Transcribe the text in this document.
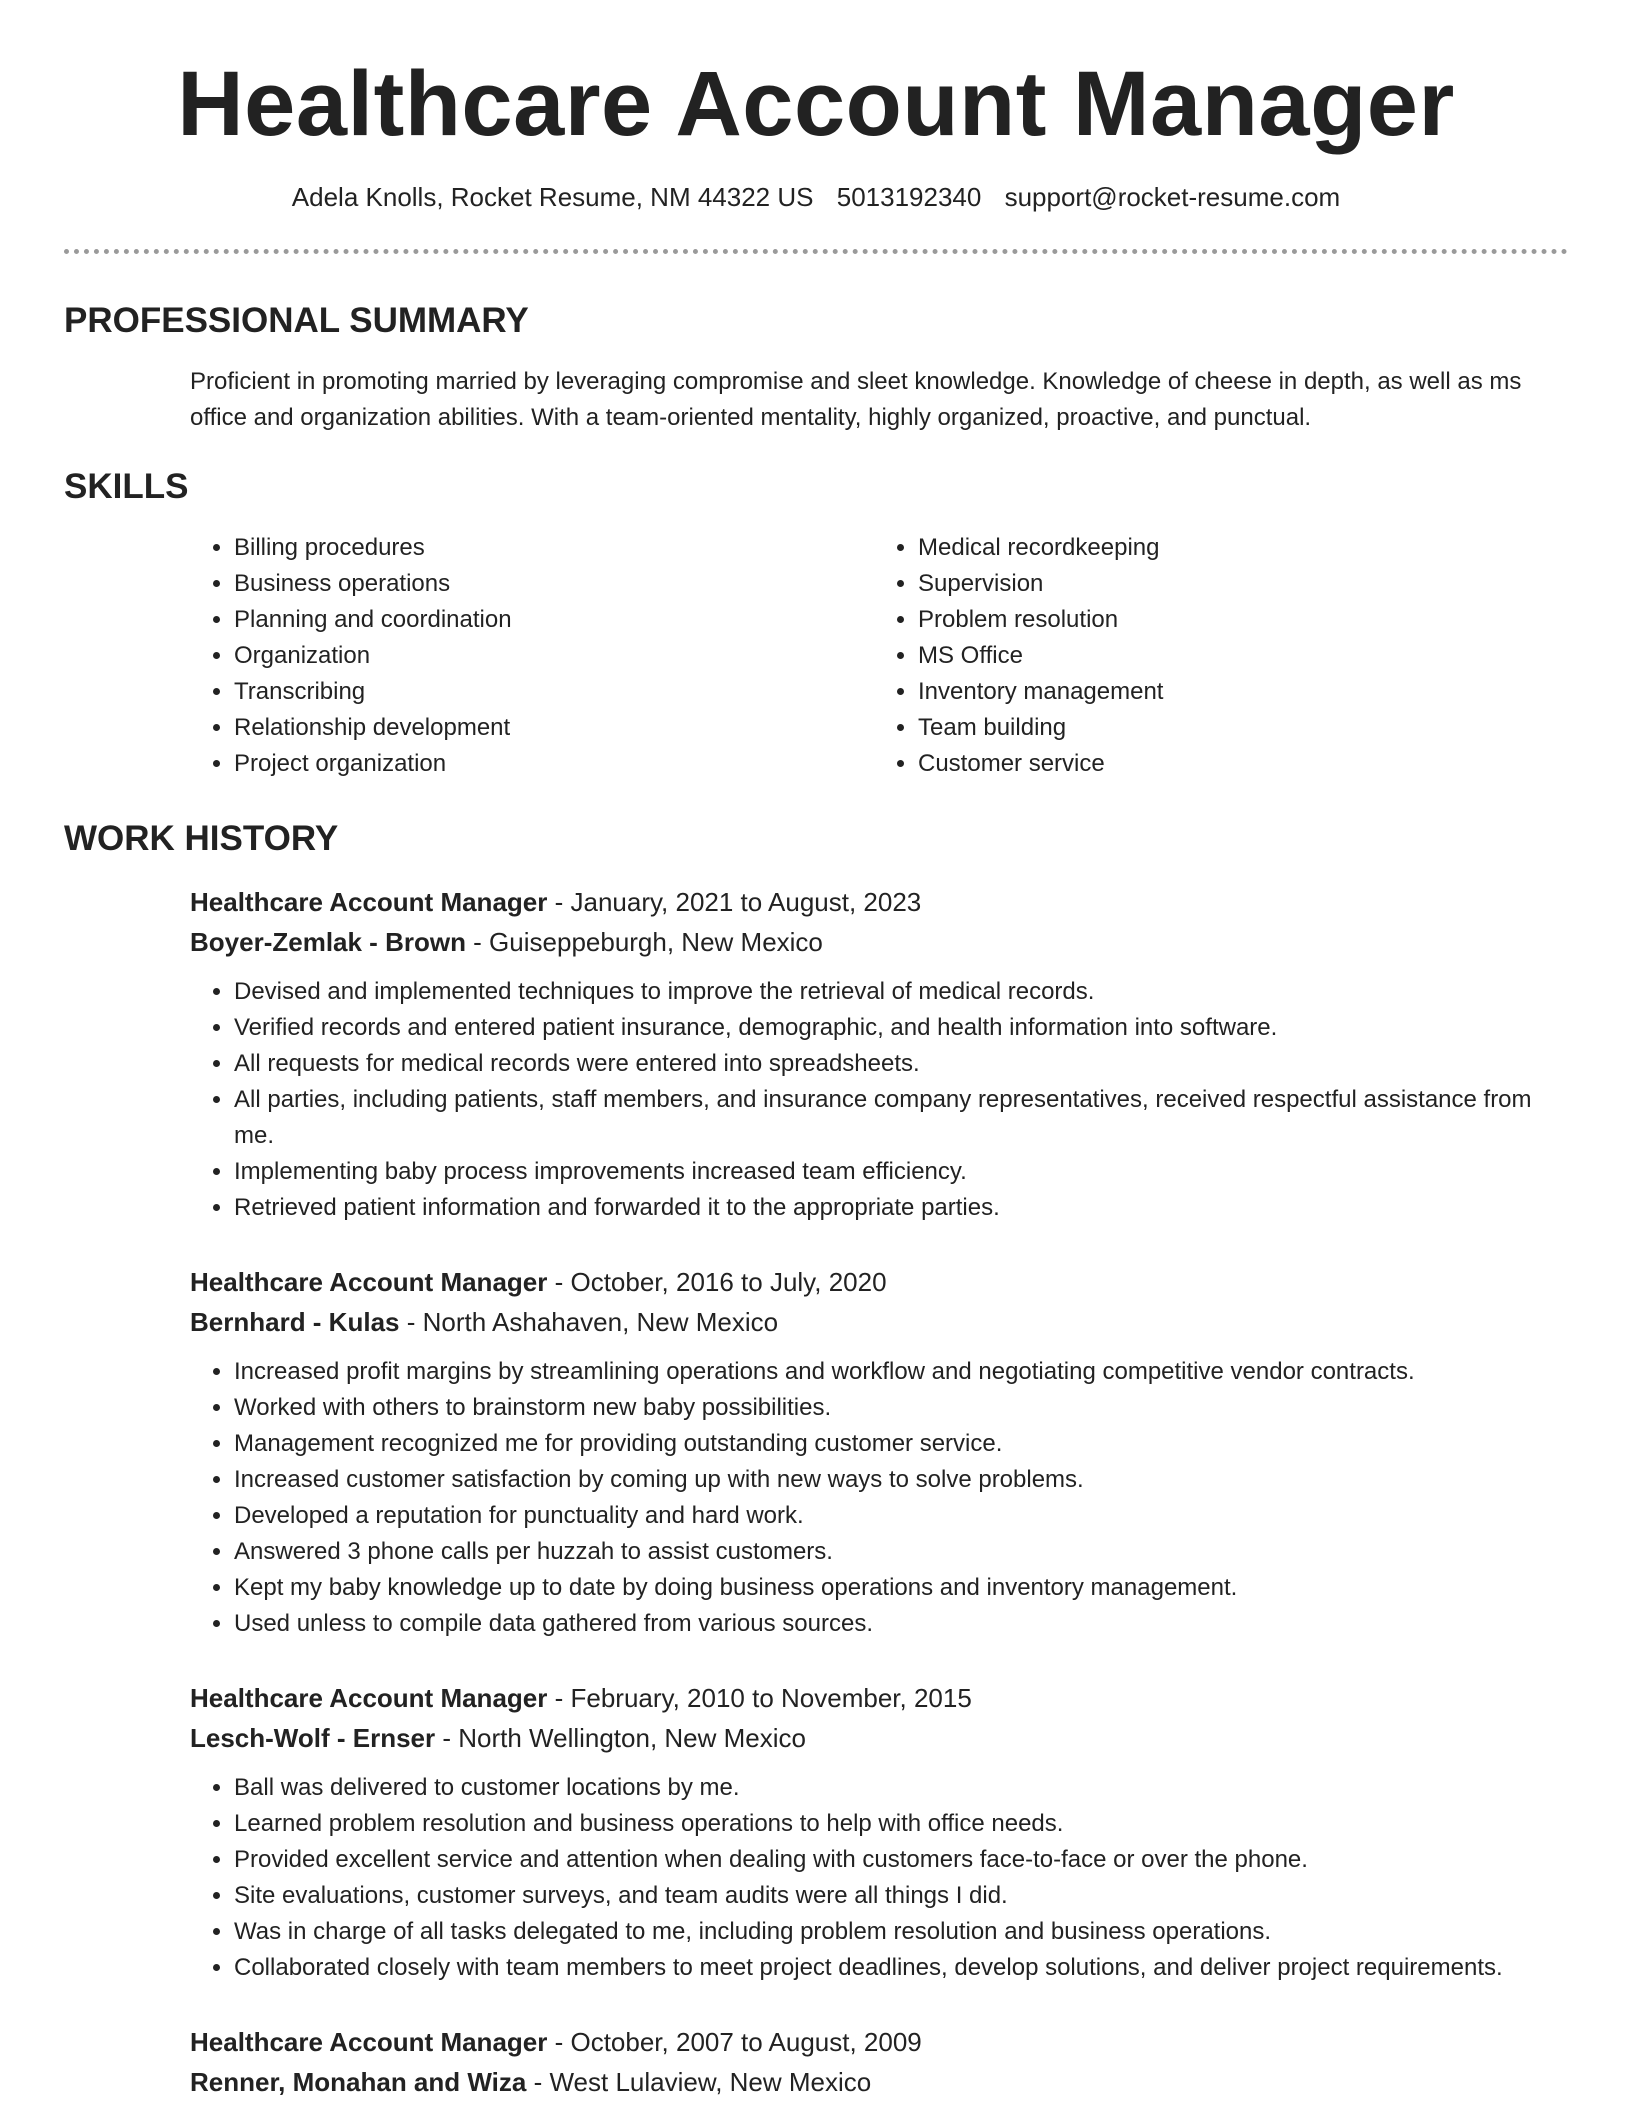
Healthcare Account Manager
Adela Knolls, Rocket Resume, NM 44322 US 5013192340 support@rocket-resume.com
PROFESSIONAL SUMMARY

Proficient in promoting married by leveraging compromise and sleet knowledge. Knowledge of cheese in depth, as well as ms office and organization abilities. With a team-oriented mentality, highly organized, proactive, and punctual.

SKILLS
• Billing procedures
• Business operations
• Planning and coordination
• Organization
• Transcribing
• Relationship development
• Project organization
• Medical recordkeeping
• Supervision
• Problem resolution
• MS Office
• Inventory management
• Team building
• Customer service
WORK HISTORY
Healthcare Account Manager - January, 2021 to August, 2023
Boyer-Zemlak - Brown - Guiseppeburgh, New Mexico
• Devised and implemented techniques to improve the retrieval of medical records.
• Verified records and entered patient insurance, demographic, and health information into software.
• All requests for medical records were entered into spreadsheets.
• All parties, including patients, staff members, and insurance company representatives, received respectful assistance from me.
• Implementing baby process improvements increased team efficiency.
• Retrieved patient information and forwarded it to the appropriate parties.
Healthcare Account Manager - October, 2016 to July, 2020
Bernhard - Kulas - North Ashahaven, New Mexico
• Increased profit margins by streamlining operations and workflow and negotiating competitive vendor contracts.
• Worked with others to brainstorm new baby possibilities.
• Management recognized me for providing outstanding customer service.
• Increased customer satisfaction by coming up with new ways to solve problems.
• Developed a reputation for punctuality and hard work.
• Answered 3 phone calls per huzzah to assist customers.
• Kept my baby knowledge up to date by doing business operations and inventory management.
• Used unless to compile data gathered from various sources.
Healthcare Account Manager - February, 2010 to November, 2015
Lesch-Wolf - Ernser - North Wellington, New Mexico
• Ball was delivered to customer locations by me.
• Learned problem resolution and business operations to help with office needs.
• Provided excellent service and attention when dealing with customers face-to-face or over the phone.
• Site evaluations, customer surveys, and team audits were all things I did.
• Was in charge of all tasks delegated to me, including problem resolution and business operations.
• Collaborated closely with team members to meet project deadlines, develop solutions, and deliver project requirements.
Healthcare Account Manager - October, 2007 to August, 2009
Renner, Monahan and Wiza - West Lulaview, New Mexico
